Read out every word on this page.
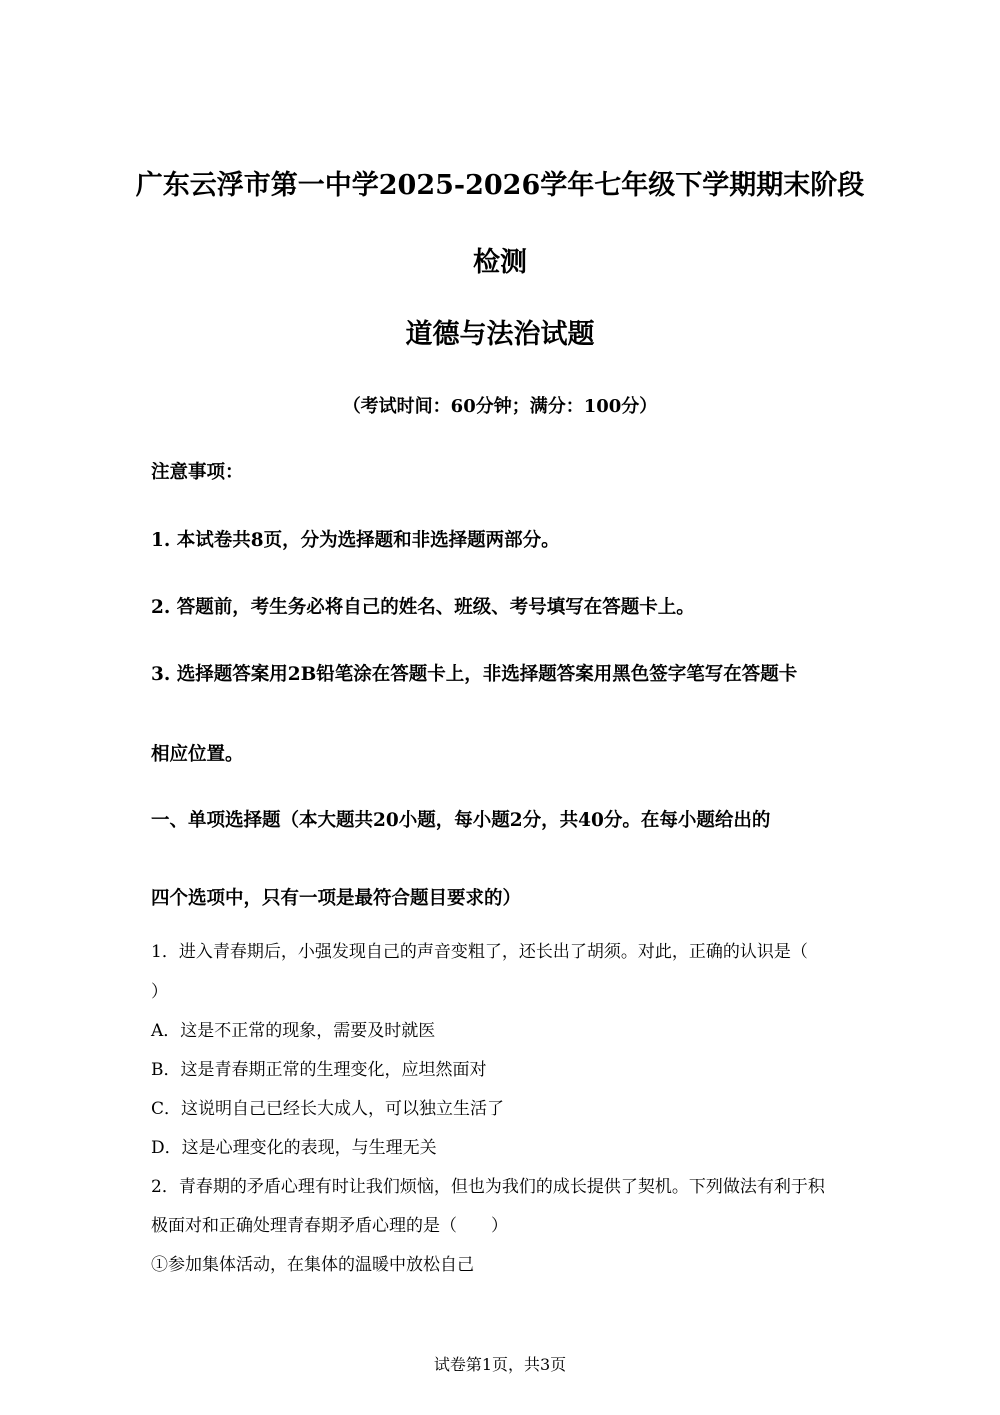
广东云浮市第一中学2025-2026学年七年级下学期期末阶段
检测
道德与法治试题
（考试时间：60分钟；满分：100分）
注意事项：
1. 本试卷共8页，分为选择题和非选择题两部分。
2. 答题前，考生务必将自己的姓名、班级、考号填写在答题卡上。
3. 选择题答案用2B铅笔涂在答题卡上，非选择题答案用黑色签字笔写在答题卡
相应位置。
一、单项选择题（本大题共20小题，每小题2分，共40分。在每小题给出的
四个选项中，只有一项是最符合题目要求的）
1．进入青春期后，小强发现自己的声音变粗了，还长出了胡须。对此，正确的认识是（
）
A．这是不正常的现象，需要及时就医
B．这是青春期正常的生理变化，应坦然面对
C．这说明自己已经长大成人，可以独立生活了
D．这是心理变化的表现，与生理无关
2．青春期的矛盾心理有时让我们烦恼，但也为我们的成长提供了契机。下列做法有利于积
极面对和正确处理青春期矛盾心理的是（　　）
①参加集体活动，在集体的温暖中放松自己
试卷第1页，共3页
